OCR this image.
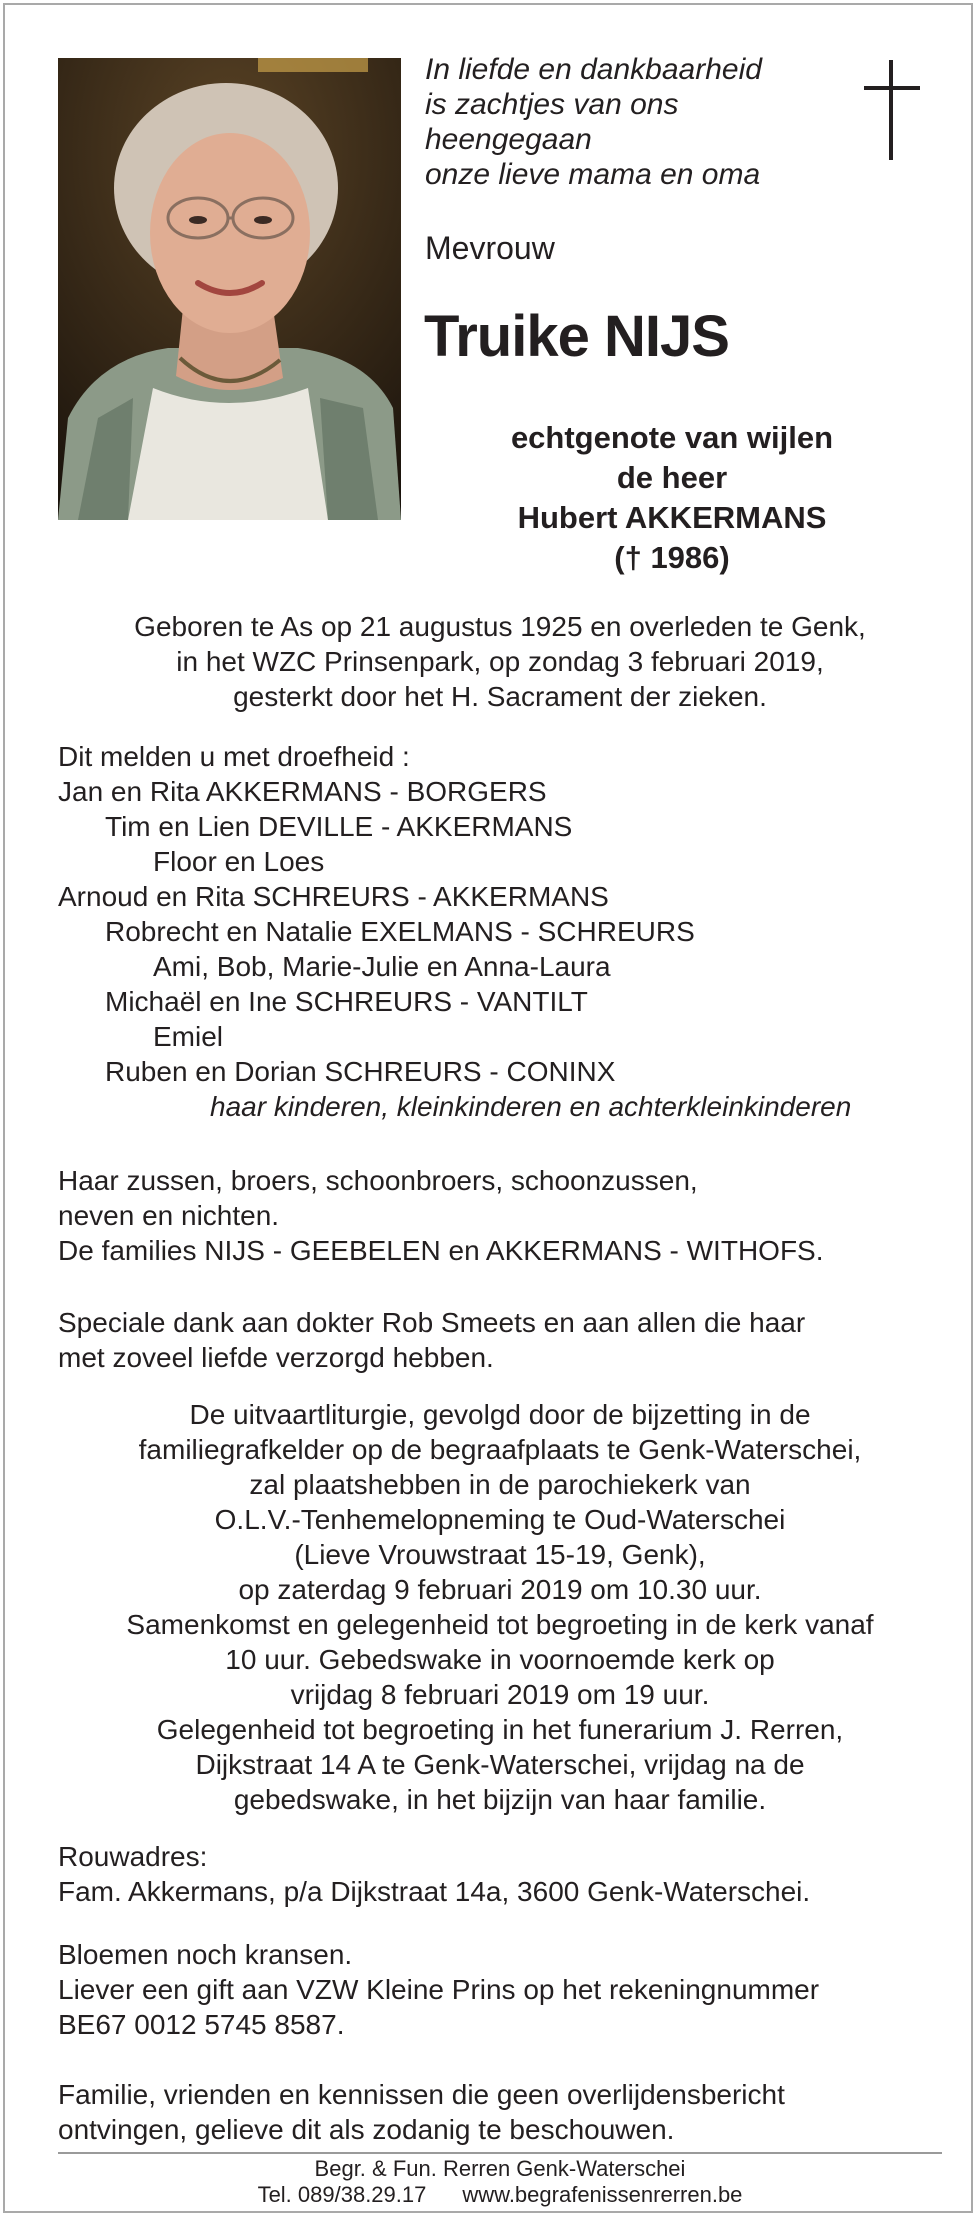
In liefde en dankbaarheid
is zachtjes van ons
heengegaan
onze lieve mama en oma
Mevrouw
Truike NIJS
echtgenote van wijlen
de heer
Hubert AKKERMANS
(† 1986)
Geboren te As op 21 augustus 1925 en overleden te Genk,
in het WZC Prinsenpark, op zondag 3 februari 2019,
gesterkt door het H. Sacrament der zieken.
Dit melden u met droefheid :
Jan en Rita AKKERMANS - BORGERS
Tim en Lien DEVILLE - AKKERMANS
Floor en Loes
Arnoud en Rita SCHREURS - AKKERMANS
Robrecht en Natalie EXELMANS - SCHREURS
Ami, Bob, Marie-Julie en Anna-Laura
Michaël en Ine SCHREURS - VANTILT
Emiel
Ruben en Dorian SCHREURS - CONINX
haar kinderen, kleinkinderen en achterkleinkinderen
Haar zussen, broers, schoonbroers, schoonzussen,
neven en nichten.
De families NIJS - GEEBELEN en AKKERMANS - WITHOFS.
Speciale dank aan dokter Rob Smeets en aan allen die haar
met zoveel liefde verzorgd hebben.
De uitvaartliturgie, gevolgd door de bijzetting in de
familiegrafkelder op de begraafplaats te Genk-Waterschei,
zal plaatshebben in de parochiekerk van
O.L.V.-Tenhemelopneming te Oud-Waterschei
(Lieve Vrouwstraat 15-19, Genk),
op zaterdag 9 februari 2019 om 10.30 uur.
Samenkomst en gelegenheid tot begroeting in de kerk vanaf
10 uur. Gebedswake in voornoemde kerk op
vrijdag 8 februari 2019 om 19 uur.
Gelegenheid tot begroeting in het funerarium J. Rerren,
Dijkstraat 14 A te Genk-Waterschei, vrijdag na de
gebedswake, in het bijzijn van haar familie.
Rouwadres:
Fam. Akkermans, p/a Dijkstraat 14a, 3600 Genk-Waterschei.
Bloemen noch kransen.
Liever een gift aan VZW Kleine Prins op het rekeningnummer
BE67 0012 5745 8587.
Familie, vrienden en kennissen die geen overlijdensbericht
ontvingen, gelieve dit als zodanig te beschouwen.
Begr. & Fun. Rerren Genk-Waterschei
Tel. 089/38.29.17 www.begrafenissenrerren.be
